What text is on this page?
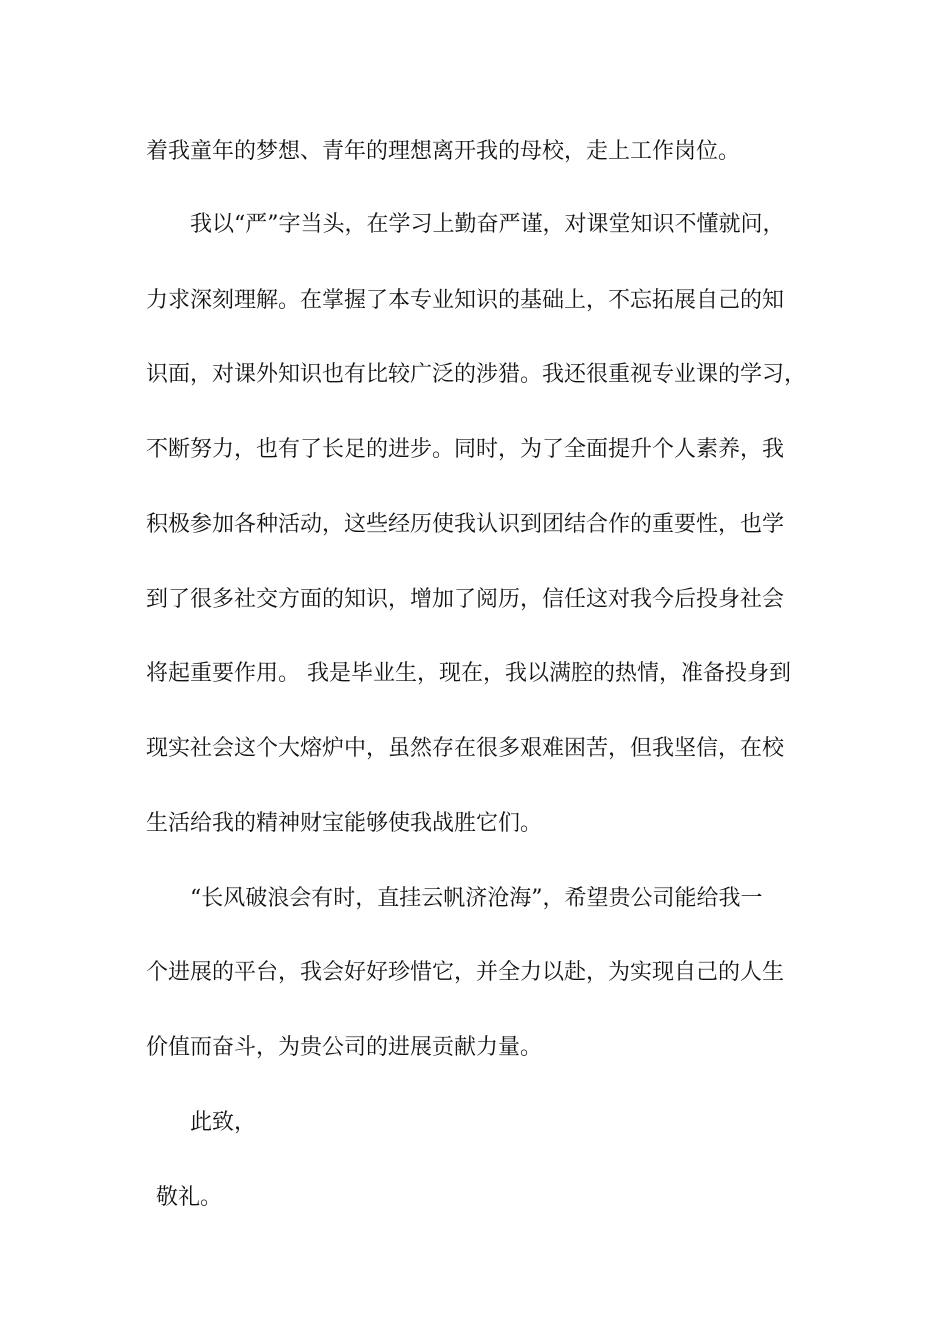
着我童年的梦想、青年的理想离开我的母校，走上工作岗位。

我以“严”字当头，在学习上勤奋严谨，对课堂知识不懂就问，

力求深刻理解。在掌握了本专业知识的基础上，不忘拓展自己的知

识面，对课外知识也有比较广泛的涉猎。我还很重视专业课的学习，

不断努力，也有了长足的进步。同时，为了全面提升个人素养，我

积极参加各种活动，这些经历使我认识到团结合作的重要性，也学

到了很多社交方面的知识，增加了阅历，信任这对我今后投身社会

将起重要作用。 我是毕业生，现在，我以满腔的热情，准备投身到

现实社会这个大熔炉中，虽然存在很多艰难困苦，但我坚信，在校

生活给我的精神财宝能够使我战胜它们。

“长风破浪会有时，直挂云帆济沧海”，希望贵公司能给我一

个进展的平台，我会好好珍惜它，并全力以赴，为实现自己的人生

价值而奋斗，为贵公司的进展贡献力量。

此致，

敬礼。
